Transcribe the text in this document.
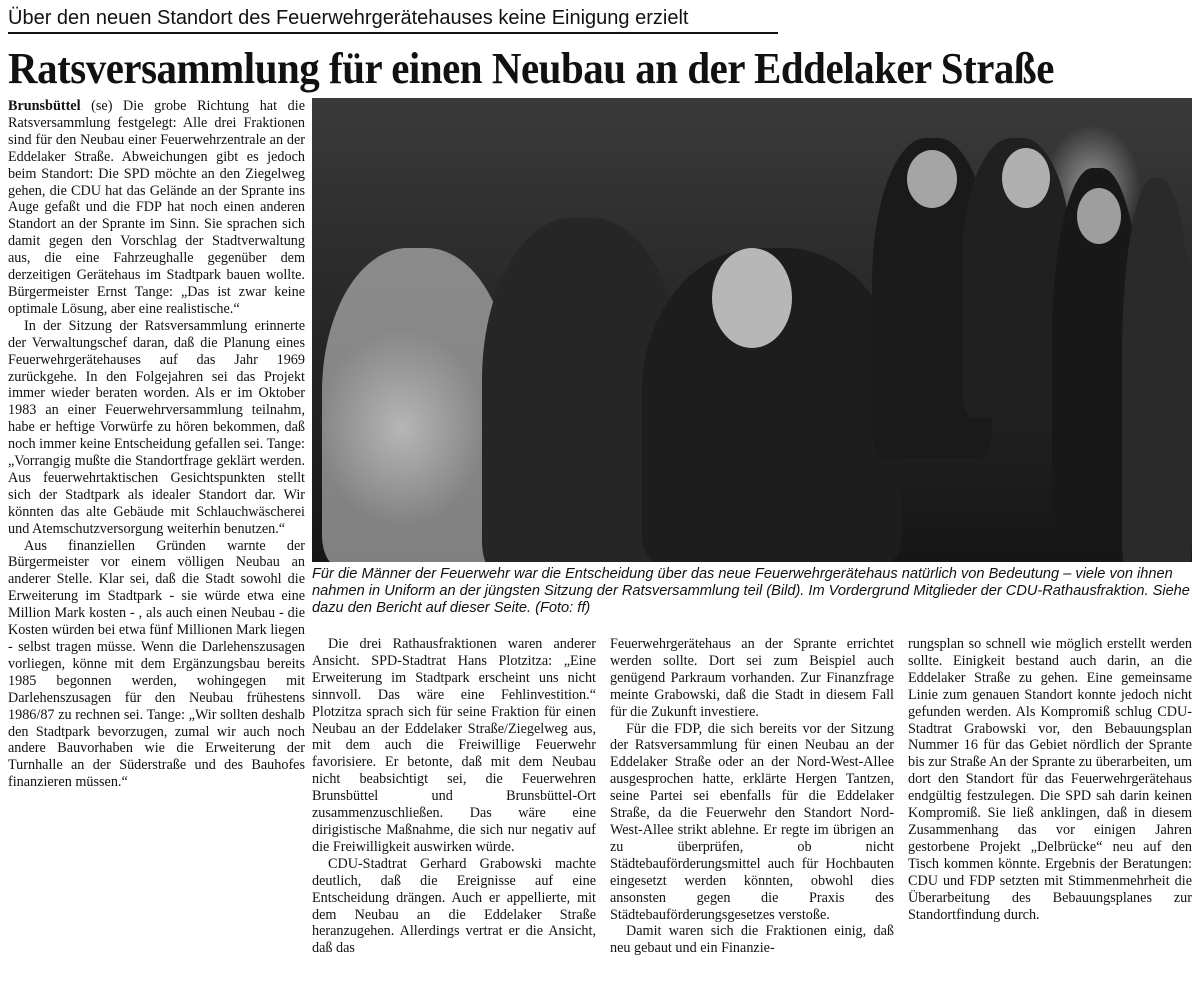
Über den neuen Standort des Feuerwehrgerätehauses keine Einigung erzielt
Ratsversammlung für einen Neubau an der Eddelaker Straße

Brunsbüttel (se) Die grobe Richtung hat die Ratsversammlung festgelegt: Alle drei Fraktionen sind für den Neubau einer Feuerwehrzentrale an der Eddelaker Straße. Abweichungen gibt es jedoch beim Standort: Die SPD möchte an den Ziegelweg gehen, die CDU hat das Gelände an der Sprante ins Auge gefaßt und die FDP hat noch einen anderen Standort an der Sprante im Sinn. Sie sprachen sich damit gegen den Vorschlag der Stadtverwaltung aus, die eine Fahrzeughalle gegenüber dem derzeitigen Gerätehaus im Stadtpark bauen wollte. Bürgermeister Ernst Tange: „Das ist zwar keine optimale Lösung, aber eine realistische.“

In der Sitzung der Ratsversammlung erinnerte der Verwaltungschef daran, daß die Planung eines Feuerwehrgerätehauses auf das Jahr 1969 zurückgehe. In den Folgejahren sei das Projekt immer wieder beraten worden. Als er im Oktober 1983 an einer Feuerwehrversammlung teilnahm, habe er heftige Vorwürfe zu hören bekommen, daß noch immer keine Entscheidung gefallen sei. Tange: „Vorrangig mußte die Standortfrage geklärt werden. Aus feuerwehrtaktischen Gesichtspunkten stellt sich der Stadtpark als idealer Standort dar. Wir könnten das alte Gebäude mit Schlauchwäscherei und Atemschutzversorgung weiterhin benutzen.“

Aus finanziellen Gründen warnte der Bürgermeister vor einem völligen Neubau an anderer Stelle. Klar sei, daß die Stadt sowohl die Erweiterung im Stadtpark - sie würde etwa eine Million Mark kosten - , als auch einen Neubau - die Kosten würden bei etwa fünf Millionen Mark liegen - selbst tragen müsse. Wenn die Darlehenszusagen vorliegen, könne mit dem Ergänzungsbau bereits 1985 begonnen werden, wohingegen mit Darlehenszusagen für den Neubau frühestens 1986/87 zu rechnen sei. Tange: „Wir sollten deshalb den Stadtpark bevorzugen, zumal wir auch noch andere Bauvorhaben wie die Erweiterung der Turnhalle an der Süderstraße und des Bauhofes finanzieren müssen.“

Für die Männer der Feuerwehr war die Entscheidung über das neue Feuerwehrgerätehaus natürlich von Bedeutung – viele von ihnen nahmen in Uniform an der jüngsten Sitzung der Ratsversammlung teil (Bild). Im Vordergrund Mitglieder der CDU-Rathausfraktion. Siehe dazu den Bericht auf dieser Seite. (Foto: ff)

Die drei Rathausfraktionen waren anderer Ansicht. SPD-Stadtrat Hans Plotzitza: „Eine Erweiterung im Stadtpark erscheint uns nicht sinnvoll. Das wäre eine Fehlinvestition.“ Plotzitza sprach sich für seine Fraktion für einen Neubau an der Eddelaker Straße/Ziegelweg aus, mit dem auch die Freiwillige Feuerwehr favorisiere. Er betonte, daß mit dem Neubau nicht beabsichtigt sei, die Feuerwehren Brunsbüttel und Brunsbüttel-Ort zusammenzuschließen. Das wäre eine dirigistische Maßnahme, die sich nur negativ auf die Freiwilligkeit auswirken würde.

CDU-Stadtrat Gerhard Grabowski machte deutlich, daß die Ereignisse auf eine Entscheidung drängen. Auch er appellierte, mit dem Neubau an die Eddelaker Straße heranzugehen. Allerdings vertrat er die Ansicht, daß das

Feuerwehrgerätehaus an der Sprante errichtet werden sollte. Dort sei zum Beispiel auch genügend Parkraum vorhanden. Zur Finanzfrage meinte Grabowski, daß die Stadt in diesem Fall für die Zukunft investiere.

Für die FDP, die sich bereits vor der Sitzung der Ratsversammlung für einen Neubau an der Eddelaker Straße oder an der Nord-West-Allee ausgesprochen hatte, erklärte Hergen Tantzen, seine Partei sei ebenfalls für die Eddelaker Straße, da die Feuerwehr den Standort Nord-West-Allee strikt ablehne. Er regte im übrigen an zu überprüfen, ob nicht Städtebauförderungsmittel auch für Hochbauten eingesetzt werden könnten, obwohl dies ansonsten gegen die Praxis des Städtebauförderungsgesetzes verstoße.

Damit waren sich die Fraktionen einig, daß neu gebaut und ein Finanzie-

rungsplan so schnell wie möglich erstellt werden sollte. Einigkeit bestand auch darin, an die Eddelaker Straße zu gehen. Eine gemeinsame Linie zum genauen Standort konnte jedoch nicht gefunden werden. Als Kompromiß schlug CDU-Stadtrat Grabowski vor, den Bebauungsplan Nummer 16 für das Gebiet nördlich der Sprante bis zur Straße An der Sprante zu überarbeiten, um dort den Standort für das Feuerwehrgerätehaus endgültig festzulegen. Die SPD sah darin keinen Kompromiß. Sie ließ anklingen, daß in diesem Zusammenhang das vor einigen Jahren gestorbene Projekt „Delbrücke“ neu auf den Tisch kommen könnte. Ergebnis der Beratungen: CDU und FDP setzten mit Stimmenmehrheit die Überarbeitung des Bebauungsplanes zur Standortfindung durch.
